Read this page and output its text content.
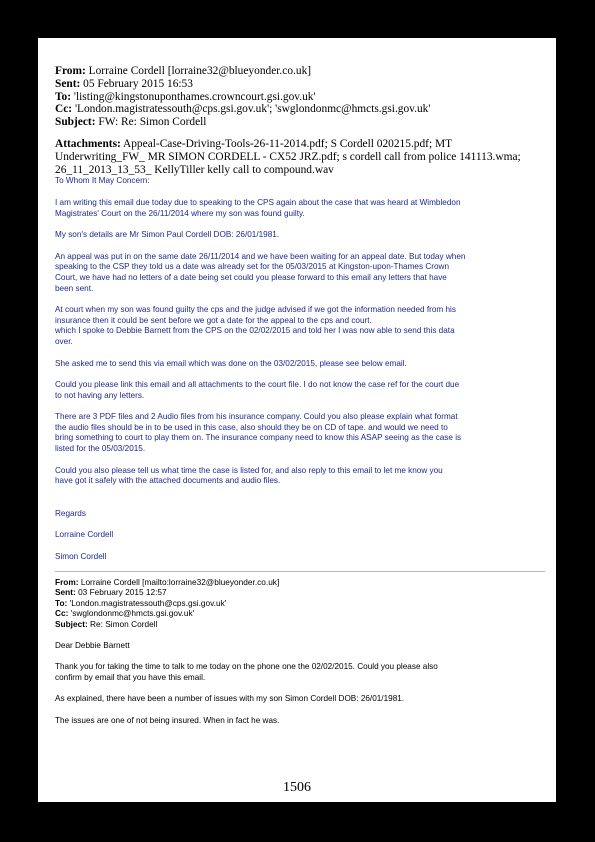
From: Lorraine Cordell [lorraine32@blueyonder.co.uk]
Sent: 05 February 2015 16:53
To: 'listing@kingstonuponthames.crowncourt.gsi.gov.uk'
Cc: 'London.magistratessouth@cps.gsi.gov.uk'; 'swglondonmc@hmcts.gsi.gov.uk'
Subject: FW: Re: Simon Cordell
Attachments: Appeal-Case-Driving-Tools-26-11-2014.pdf; S Cordell 020215.pdf; MT
Underwriting_FW_ MR SIMON CORDELL - CX52 JRZ.pdf; s cordell call from police 141113.wma;
26_11_2013_13_53_ KellyTiller kelly call to compound.wav

To Whom It May Concern:

I am writing this email due today due to speaking to the CPS again about the case that was heard at Wimbledon

Magistrates' Court on the 26/11/2014 where my son was found guilty.

My son's details are Mr Simon Paul Cordell DOB: 26/01/1981.

An appeal was put in on the same date 26/11/2014 and we have been waiting for an appeal date. But today when

speaking to the CSP they told us a date was already set for the 05/03/2015 at Kingston-upon-Thames Crown

Court, we have had no letters of a date being set could you please forward to this email any letters that have

been sent.

At court when my son was found guilty the cps and the judge advised if we got the information needed from his

insurance then it could be sent before we got a date for the appeal to the cps and court.

which I spoke to Debbie Barnett from the CPS on the 02/02/2015 and told her I was now able to send this data

over.

She asked me to send this via email which was done on the 03/02/2015, please see below email.

Could you please link this email and all attachments to the court file. I do not know the case ref for the court due

to not having any letters.

There are 3 PDF files and 2 Audio files from his insurance company. Could you also please explain what format

the audio files should be in to be used in this case, also should they be on CD of tape. and would we need to

bring something to court to play them on. The insurance company need to know this ASAP seeing as the case is

listed for the 05/03/2015.

Could you also please tell us what time the case is listed for, and also reply to this email to let me know you

have got it safely with the attached documents and audio files.

Regards

Lorraine Cordell

Simon Cordell

From: Lorraine Cordell [mailto:lorraine32@blueyonder.co.uk]
Sent: 03 February 2015 12:57
To: 'London.magistratessouth@cps.gsi.gov.uk'
Cc: 'swglondonmc@hmcts.gsi.gov.uk'
Subject: Re: Simon Cordell

Dear Debbie Barnett

Thank you for taking the time to talk to me today on the phone one the 02/02/2015. Could you please also

confirm by email that you have this email.

As explained, there have been a number of issues with my son Simon Cordell DOB: 26/01/1981.

The issues are one of not being insured. When in fact he was.

1506
